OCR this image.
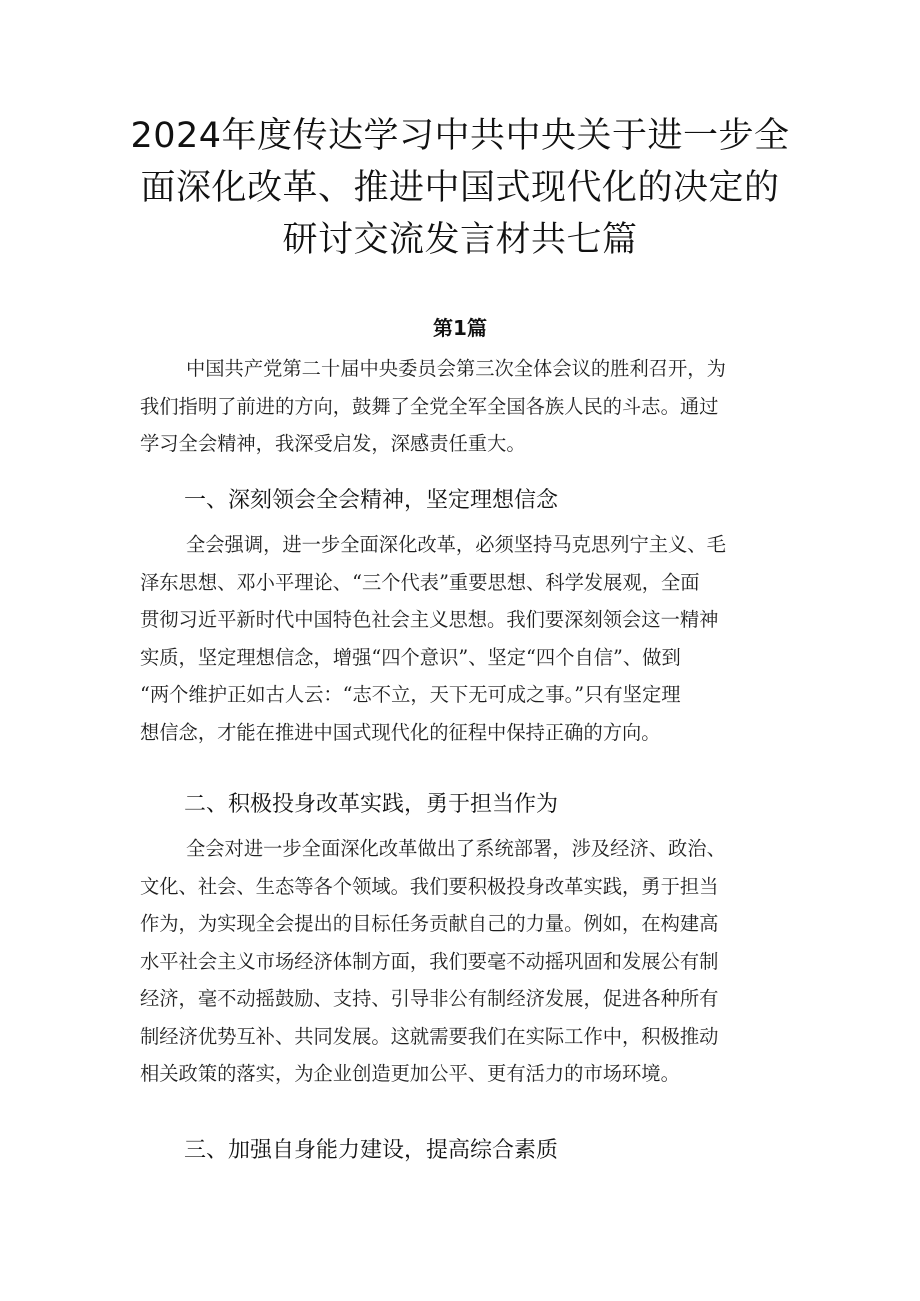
2024年度传达学习中共中央关于进一步全
面深化改革、推进中国式现代化的决定的
研讨交流发言材共七篇
第1篇
中国共产党第二十届中央委员会第三次全体会议的胜利召开，为
我们指明了前进的方向，鼓舞了全党全军全国各族人民的斗志。通过
学习全会精神，我深受启发，深感责任重大。
一、深刻领会全会精神，坚定理想信念
全会强调，进一步全面深化改革，必须坚持马克思列宁主义、毛
泽东思想、邓小平理论、“三个代表”重要思想、科学发展观，全面
贯彻习近平新时代中国特色社会主义思想。我们要深刻领会这一精神
实质，坚定理想信念，增强“四个意识”、坚定“四个自信”、做到
“两个维护正如古人云：“志不立，天下无可成之事。”只有坚定理
想信念，才能在推进中国式现代化的征程中保持正确的方向。
二、积极投身改革实践，勇于担当作为
全会对进一步全面深化改革做出了系统部署，涉及经济、政治、
文化、社会、生态等各个领域。我们要积极投身改革实践，勇于担当
作为，为实现全会提出的目标任务贡献自己的力量。例如，在构建高
水平社会主义市场经济体制方面，我们要毫不动摇巩固和发展公有制
经济，毫不动摇鼓励、支持、引导非公有制经济发展，促进各种所有
制经济优势互补、共同发展。这就需要我们在实际工作中，积极推动
相关政策的落实，为企业创造更加公平、更有活力的市场环境。
三、加强自身能力建设，提高综合素质
